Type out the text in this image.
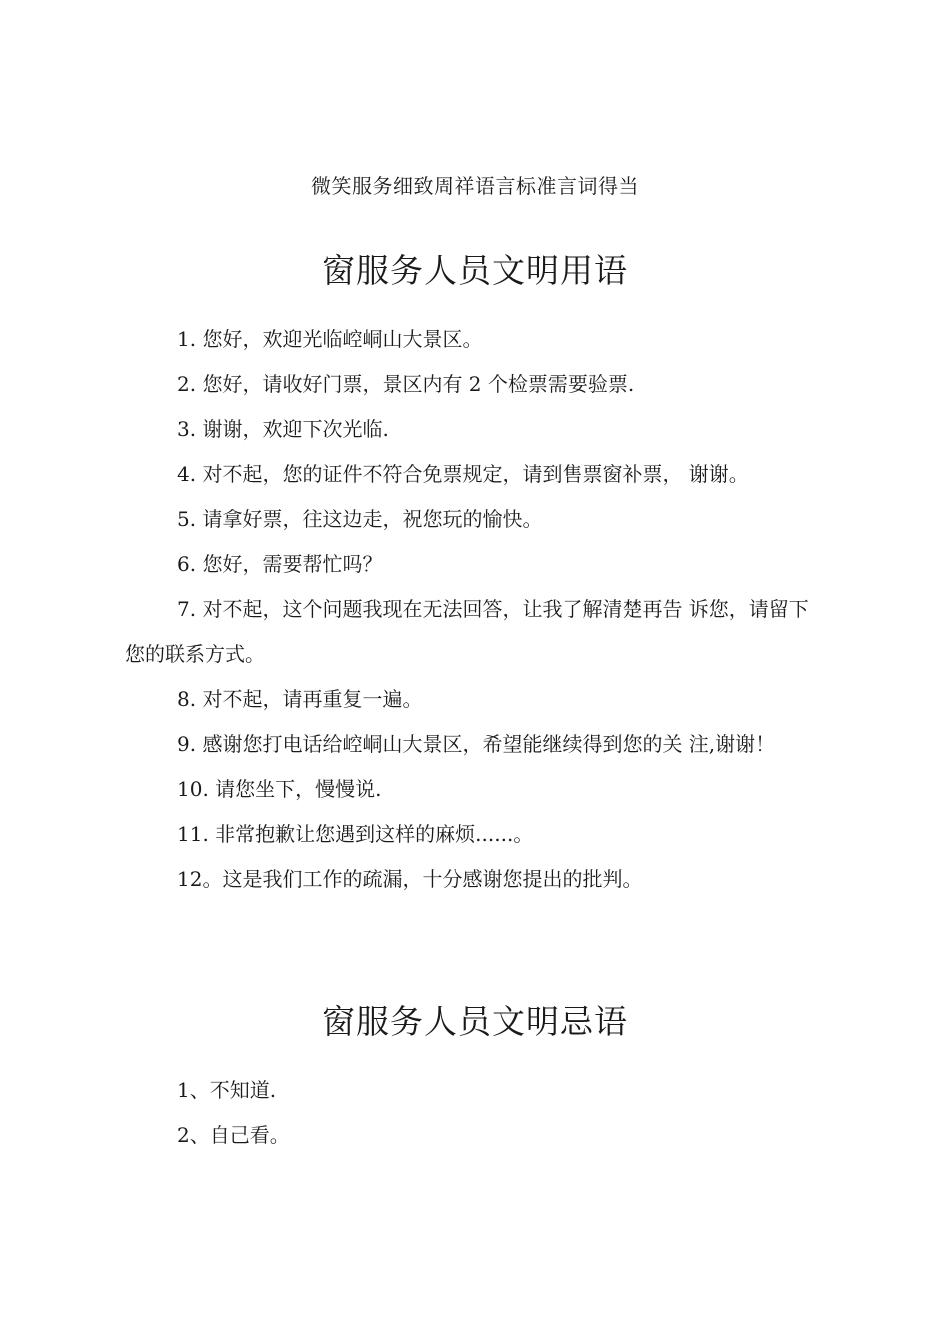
微笑服务细致周祥语言标准言词得当
窗服务人员文明用语
1. 您好，欢迎光临崆峒山大景区。
2. 您好，请收好门票，景区内有 2 个检票需要验票.
3. 谢谢，欢迎下次光临.
4. 对不起，您的证件不符合免票规定，请到售票窗补票， 谢谢。
5. 请拿好票，往这边走，祝您玩的愉快。
6. 您好，需要帮忙吗？
7. 对不起，这个问题我现在无法回答，让我了解清楚再告 诉您，请留下您的联系方式。
8. 对不起，请再重复一遍。
9. 感谢您打电话给崆峒山大景区，希望能继续得到您的关 注,谢谢！
10. 请您坐下，慢慢说.
11. 非常抱歉让您遇到这样的麻烦......。
12。这是我们工作的疏漏，十分感谢您提出的批判。
窗服务人员文明忌语
1、不知道.
2、自己看。
